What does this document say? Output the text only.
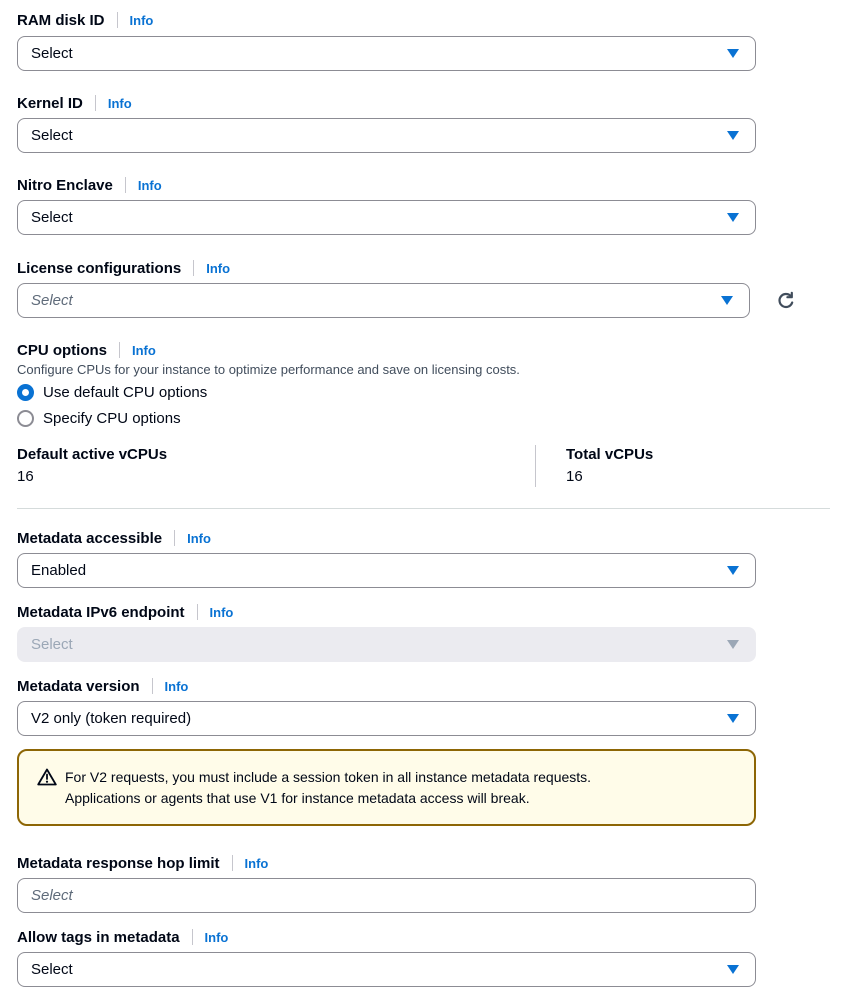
RAM disk ID Info
Select
Kernel ID Info
Select
Nitro Enclave Info
Select
License configurations Info
Select
CPU options Info
Configure CPUs for your instance to optimize performance and save on licensing costs.
Use default CPU options
Specify CPU options
Default active vCPUs
16
Total vCPUs
16
Metadata accessible Info
Enabled
Metadata IPv6 endpoint Info
Select
Metadata version Info
V2 only (token required)
For V2 requests, you must include a session token in all instance metadata requests.
Applications or agents that use V1 for instance metadata access will break.
Metadata response hop limit Info
Select
Allow tags in metadata Info
Select
